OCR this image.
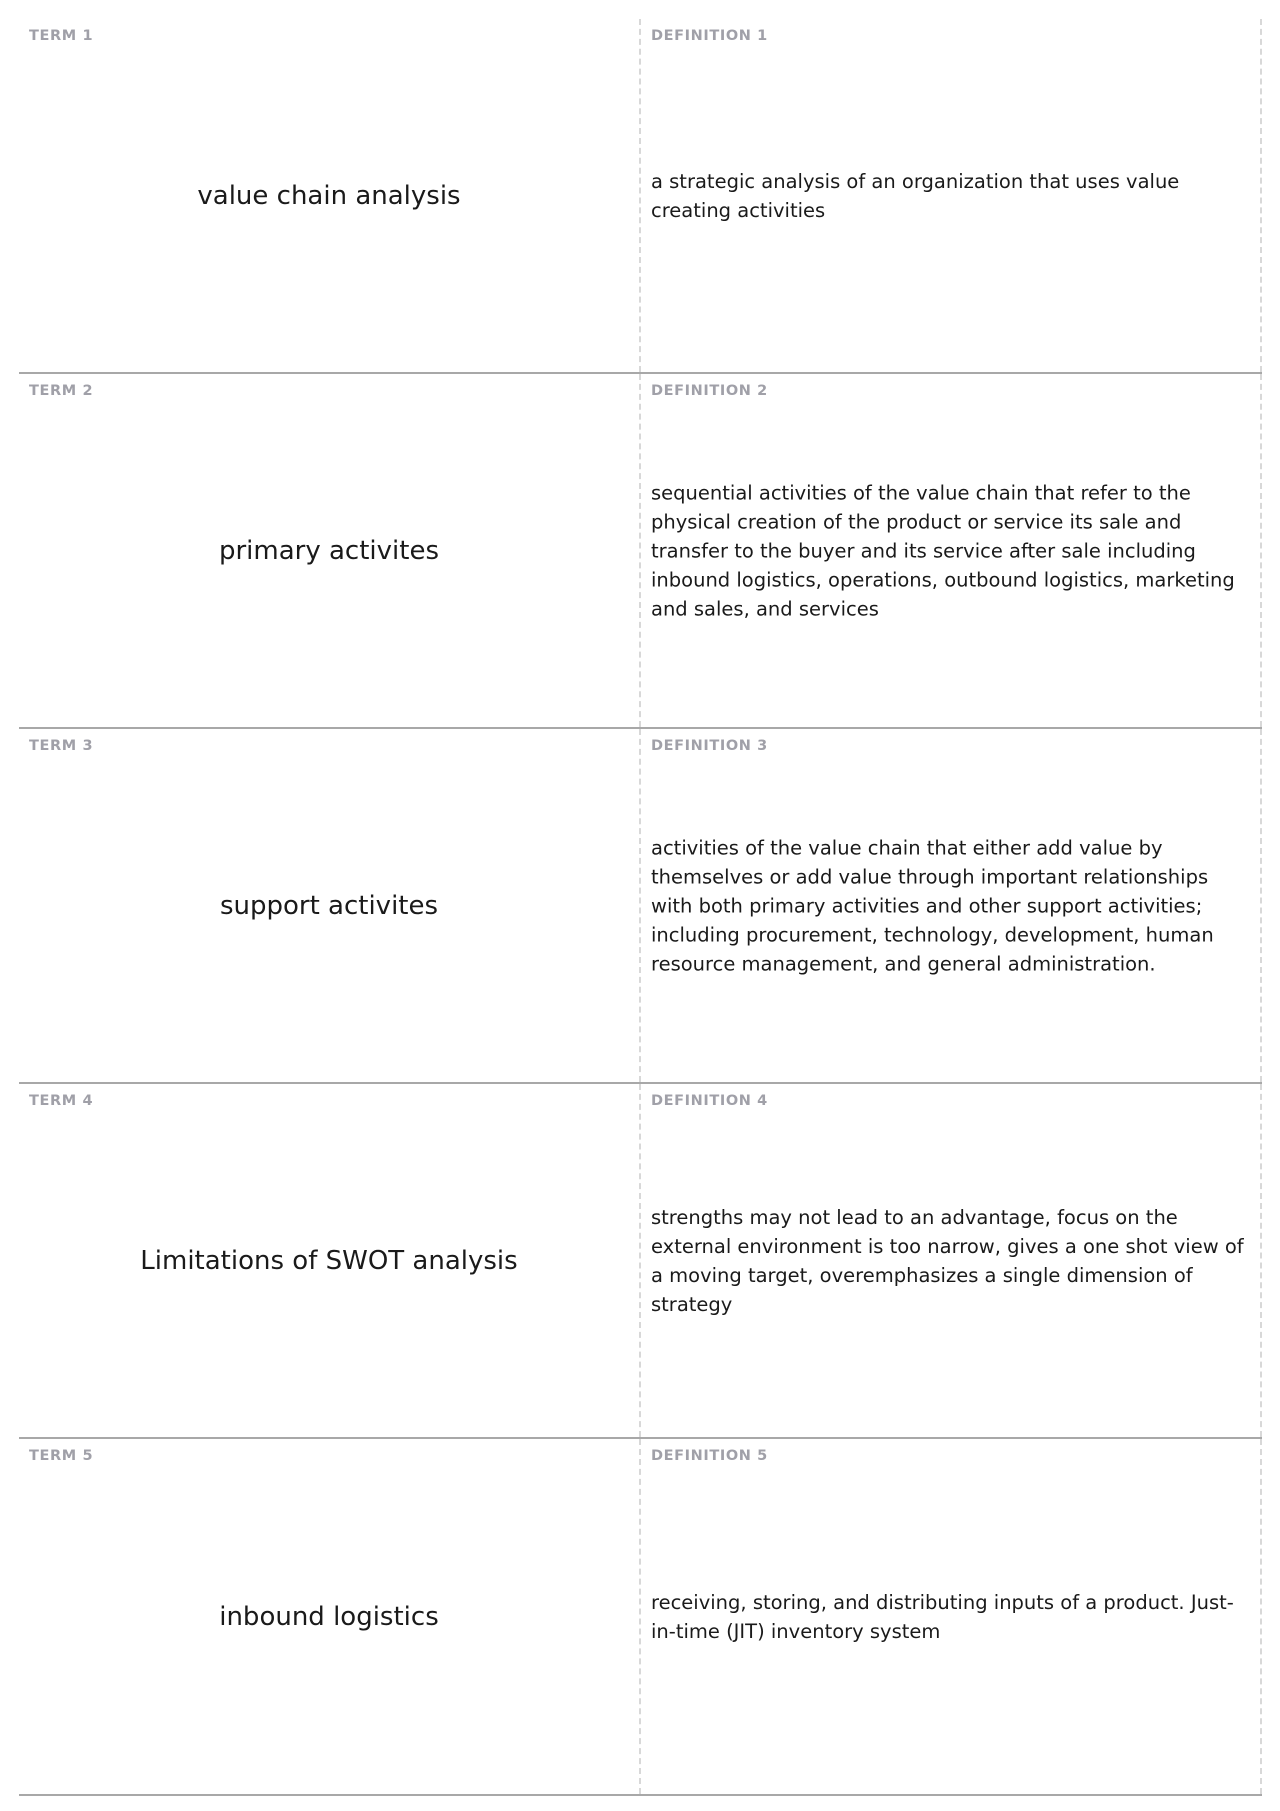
TERM 1
value chain analysis
DEFINITION 1
a strategic analysis of an organization that uses value creating activities
TERM 2
primary activites
DEFINITION 2
sequential activities of the value chain that refer to the physical creation of the product or service its sale and transfer to the buyer and its service after sale including inbound logistics, operations, outbound logistics, marketing and sales, and services
TERM 3
support activites
DEFINITION 3
activities of the value chain that either add value by themselves or add value through important relationships with both primary activities and other support activities; including procurement, technology, development, human resource management, and general administration.
TERM 4
Limitations of SWOT analysis
DEFINITION 4
strengths may not lead to an advantage, focus on the external environment is too narrow, gives a one shot view of a moving target, overemphasizes a single dimension of strategy
TERM 5
inbound logistics
DEFINITION 5
receiving, storing, and distributing inputs of a product. Just-in-time (JIT) inventory system
